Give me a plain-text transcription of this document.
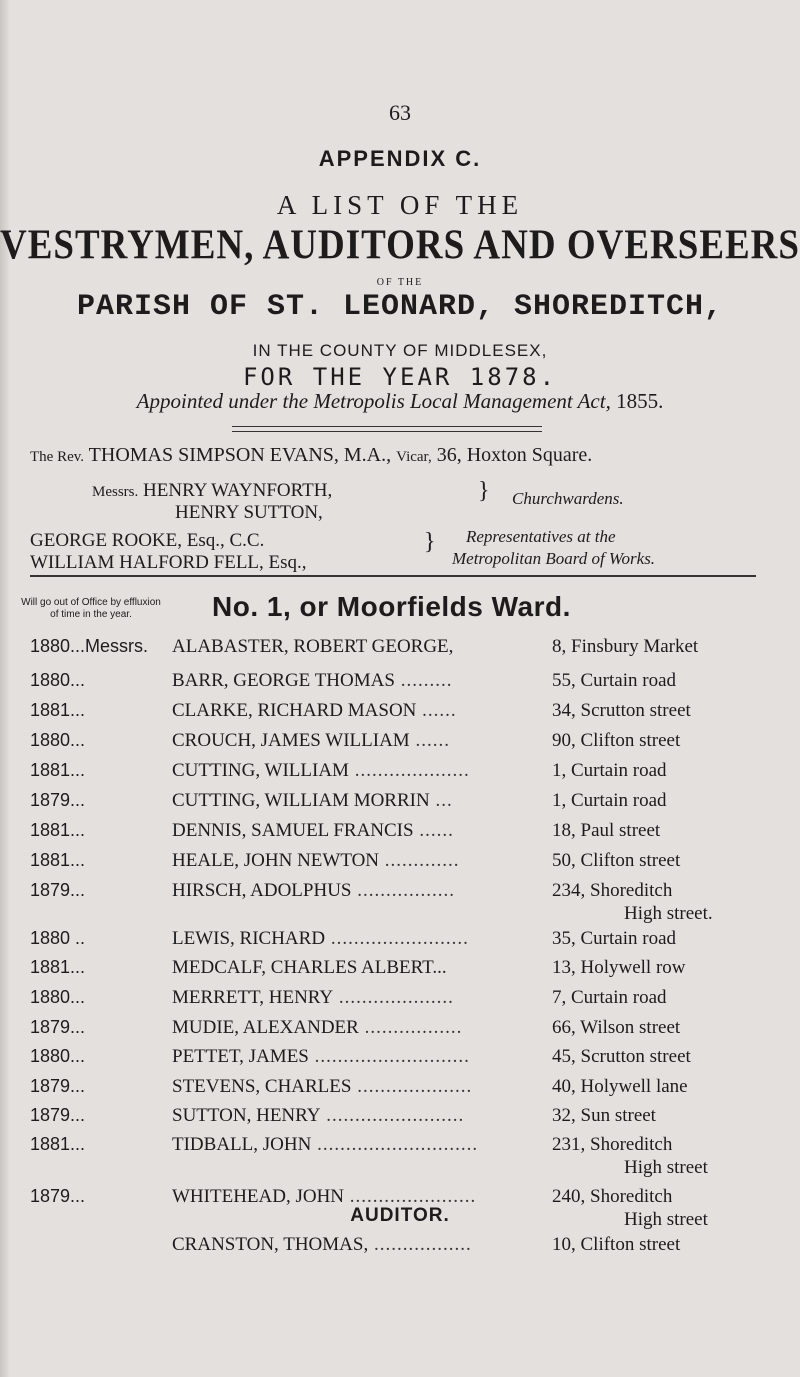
63
APPENDIX C.
A LIST OF THE
VESTRYMEN, AUDITORS AND OVERSEERS
OF THE
PARISH OF ST. LEONARD, SHOREDITCH,
IN THE COUNTY OF MIDDLESEX,
FOR THE YEAR 1878.
Appointed under the Metropolis Local Management Act, 1855.
The Rev. THOMAS SIMPSON EVANS, M.A., Vicar, 36, Hoxton Square.
Messrs. HENRY WAYNFORTH,
HENRY SUTTON,
} Churchwardens.
GEORGE ROOKE, Esq., C.C.
WILLIAM HALFORD FELL, Esq.,
} Representatives at the
Metropolitan Board of Works.
Will go out of Office by effluxion of time in the year.	No. 1, or Moorfields Ward.
1880...Messrs. ALABASTER, ROBERT GEORGE,	8, Finsbury Market
1880...	BARR, GEORGE THOMAS .........	55, Curtain road
1881...	CLARKE, RICHARD MASON ......	34, Scrutton street
1880...	CROUCH, JAMES WILLIAM ......	90, Clifton street
1881...	CUTTING, WILLIAM ....................	1, Curtain road
1879...	CUTTING, WILLIAM MORRIN ...	1, Curtain road
1881...	DENNIS, SAMUEL FRANCIS ......	18, Paul street
1881...	HEALE, JOHN NEWTON .............	50, Clifton street
1879...	HIRSCH, ADOLPHUS .................	234, Shoreditch
High street.
1880 ..	LEWIS, RICHARD ........................	35, Curtain road
1881...	MEDCALF, CHARLES ALBERT...	13, Holywell row
1880...	MERRETT, HENRY ....................	7, Curtain road
1879...	MUDIE, ALEXANDER .................	66, Wilson street
1880...	PETTET, JAMES ...........................	45, Scrutton street
1879...	STEVENS, CHARLES ....................	40, Holywell lane
1879...	SUTTON, HENRY ........................	32, Sun street
1881...	TIDBALL, JOHN ............................	231, Shoreditch
High street
1879...	WHITEHEAD, JOHN ......................	240, Shoreditch
High street
AUDITOR.
CRANSTON, THOMAS, .................	10, Clifton street
